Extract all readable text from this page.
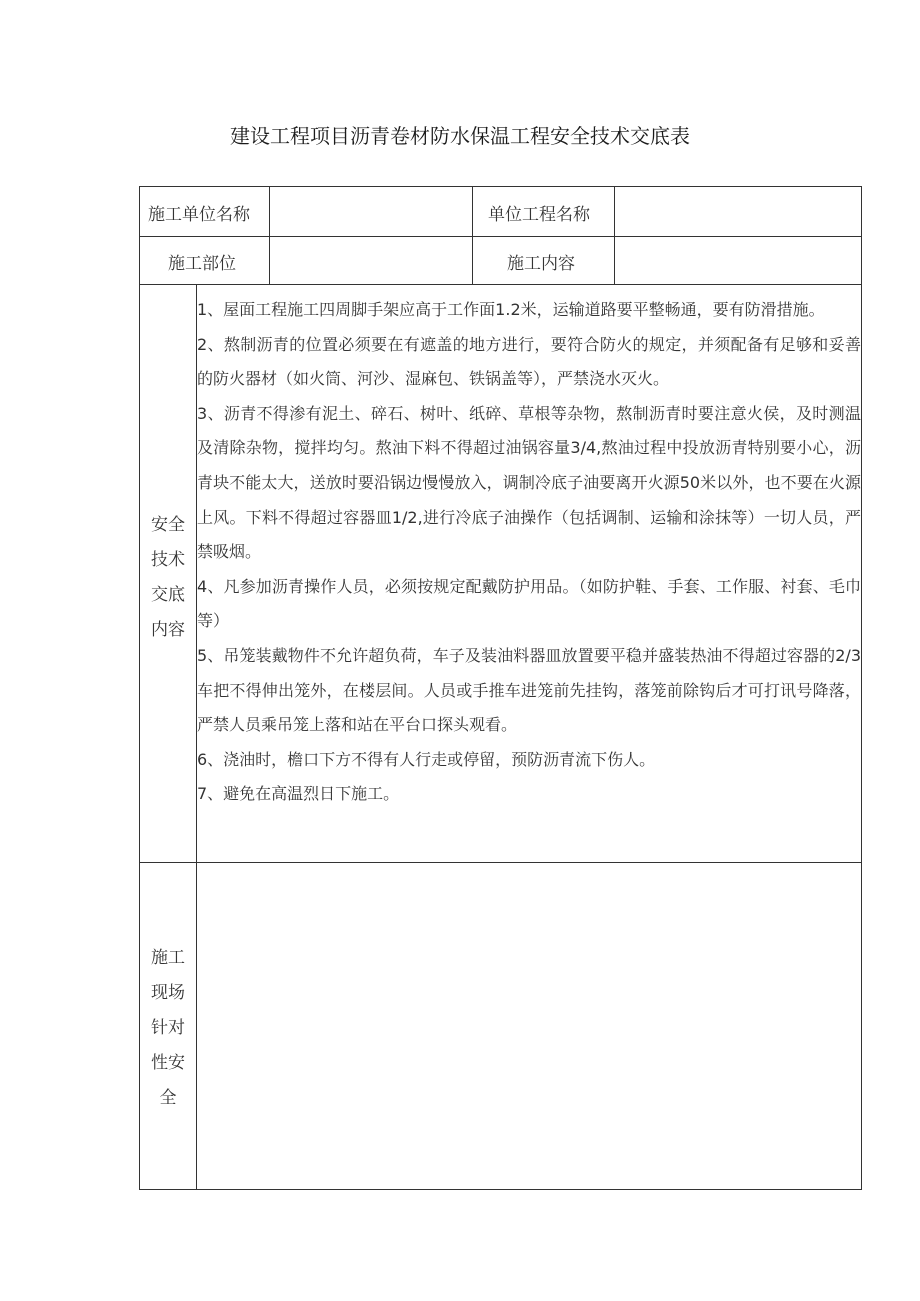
建设工程项目沥青卷材防水保温工程安全技术交底表
施工单位名称	单位工程名称
施工部位	施工内容
安全
技术
交底
内容

1、屋面工程施工四周脚手架应高于工作面1.2米，运输道路要平整畅通，要有防滑措施。

2、熬制沥青的位置必须要在有遮盖的地方进行，要符合防火的规定，并须配备有足够和妥善的防火器材（如火筒、河沙、湿麻包、铁锅盖等），严禁浇水灭火。

3、沥青不得渗有泥土、碎石、树叶、纸碎、草根等杂物，熬制沥青时要注意火侯，及时测温及清除杂物，搅拌均匀。熬油下料不得超过油锅容量3/4,熬油过程中投放沥青特别要小心，沥青块不能太大，送放时要沿锅边慢慢放入，调制冷底子油要离开火源50米以外，也不要在火源上风。下料不得超过容器皿1/2,进行冷底子油操作（包括调制、运输和涂抹等）一切人员，严禁吸烟。

4、凡参加沥青操作人员，必须按规定配戴防护用品。（如防护鞋、手套、工作服、衬套、毛巾等）

5、吊笼装戴物件不允许超负荷，车子及装油料器皿放置要平稳并盛装热油不得超过容器的2/3车把不得伸出笼外，在楼层间。人员或手推车进笼前先挂钩，落笼前除钩后才可打讯号降落，严禁人员乘吊笼上落和站在平台口探头观看。

6、浇油时，檐口下方不得有人行走或停留，预防沥青流下伤人。

7、避免在高温烈日下施工。

施工
现场
针对
性安
全
